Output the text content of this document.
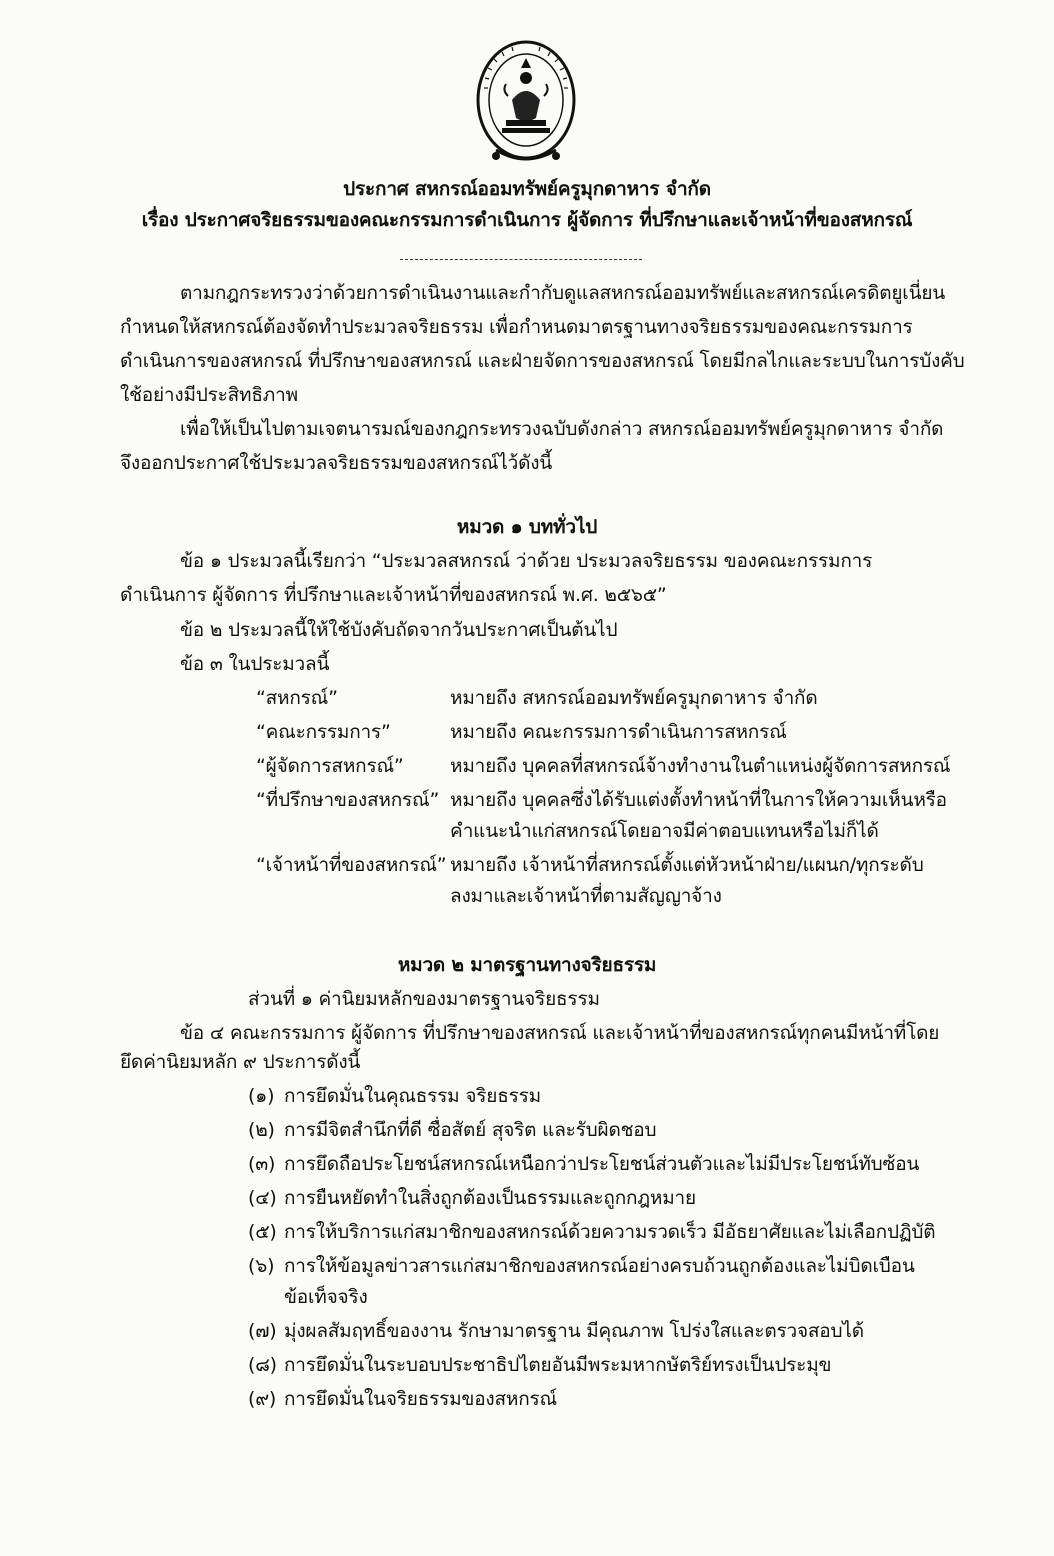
ประกาศ สหกรณ์ออมทรัพย์ครูมุกดาหาร จำกัด
เรื่อง ประกาศจริยธรรมของคณะกรรมการดำเนินการ ผู้จัดการ ที่ปรึกษาและเจ้าหน้าที่ของสหกรณ์
ตามกฎกระทรวงว่าด้วยการดำเนินงานและกำกับดูแลสหกรณ์ออมทรัพย์และสหกรณ์เครดิตยูเนี่ยน
กำหนดให้สหกรณ์ต้องจัดทำประมวลจริยธรรม เพื่อกำหนดมาตรฐานทางจริยธรรมของคณะกรรมการ
ดำเนินการของสหกรณ์ ที่ปรึกษาของสหกรณ์ และฝ่ายจัดการของสหกรณ์ โดยมีกลไกและระบบในการบังคับ
ใช้อย่างมีประสิทธิภาพ
เพื่อให้เป็นไปตามเจตนารมณ์ของกฎกระทรวงฉบับดังกล่าว สหกรณ์ออมทรัพย์ครูมุกดาหาร จำกัด
จึงออกประกาศใช้ประมวลจริยธรรมของสหกรณ์ไว้ดังนี้
หมวด ๑ บททั่วไป
ข้อ ๑ ประมวลนี้เรียกว่า “ประมวลสหกรณ์ ว่าด้วย ประมวลจริยธรรม ของคณะกรรมการ
ดำเนินการ ผู้จัดการ ที่ปรึกษาและเจ้าหน้าที่ของสหกรณ์ พ.ศ. ๒๕๖๕”
ข้อ ๒ ประมวลนี้ให้ใช้บังคับถัดจากวันประกาศเป็นต้นไป
ข้อ ๓ ในประมวลนี้
“สหกรณ์”	หมายถึง สหกรณ์ออมทรัพย์ครูมุกดาหาร จำกัด
“คณะกรรมการ”	หมายถึง คณะกรรมการดำเนินการสหกรณ์
“ผู้จัดการสหกรณ์” หมายถึง บุคคลที่สหกรณ์จ้างทำงานในตำแหน่งผู้จัดการสหกรณ์
“ที่ปรึกษาของสหกรณ์” หมายถึง บุคคลซึ่งได้รับแต่งตั้งทำหน้าที่ในการให้ความเห็นหรือ
คำแนะนำแก่สหกรณ์โดยอาจมีค่าตอบแทนหรือไม่ก็ได้
“เจ้าหน้าที่ของสหกรณ์” หมายถึง เจ้าหน้าที่สหกรณ์ตั้งแต่หัวหน้าฝ่าย/แผนก/ทุกระดับ
ลงมาและเจ้าหน้าที่ตามสัญญาจ้าง
หมวด ๒ มาตรฐานทางจริยธรรม
ส่วนที่ ๑ ค่านิยมหลักของมาตรฐานจริยธรรม
ข้อ ๔ คณะกรรมการ ผู้จัดการ ที่ปรึกษาของสหกรณ์ และเจ้าหน้าที่ของสหกรณ์ทุกคนมีหน้าที่โดย
ยึดค่านิยมหลัก ๙ ประการดังนี้
(๑) การยึดมั่นในคุณธรรม จริยธรรม
(๒) การมีจิตสำนึกที่ดี ซื่อสัตย์ สุจริต และรับผิดชอบ
(๓) การยึดถือประโยชน์สหกรณ์เหนือกว่าประโยชน์ส่วนตัวและไม่มีประโยชน์ทับซ้อน
(๔) การยืนหยัดทำในสิ่งถูกต้องเป็นธรรมและถูกกฎหมาย
(๕) การให้บริการแก่สมาชิกของสหกรณ์ด้วยความรวดเร็ว มีอัธยาศัยและไม่เลือกปฏิบัติ
(๖) การให้ข้อมูลข่าวสารแก่สมาชิกของสหกรณ์อย่างครบถ้วนถูกต้องและไม่บิดเบือน
ข้อเท็จจริง
(๗) มุ่งผลสัมฤทธิ์ของงาน รักษามาตรฐาน มีคุณภาพ โปร่งใสและตรวจสอบได้
(๘) การยึดมั่นในระบอบประชาธิปไตยอันมีพระมหากษัตริย์ทรงเป็นประมุข
(๙) การยึดมั่นในจริยธรรมของสหกรณ์
